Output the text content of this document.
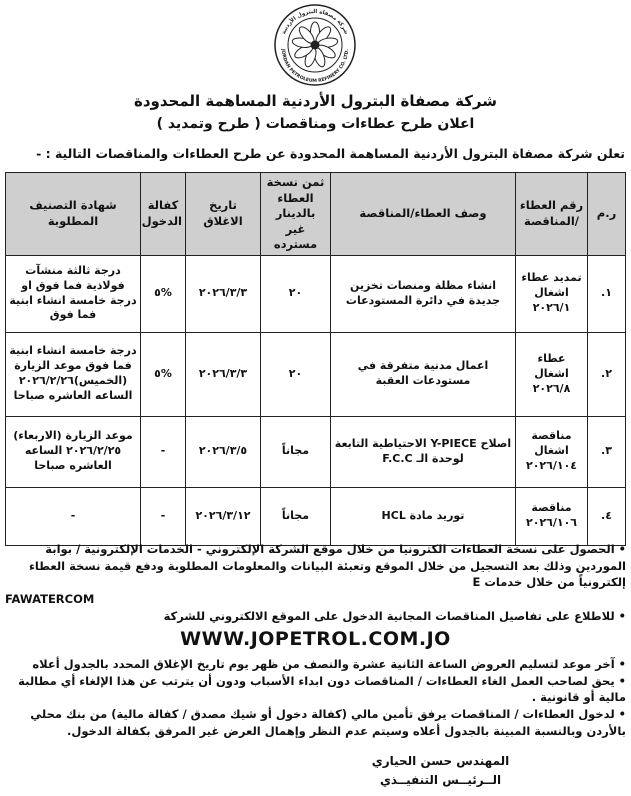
شركة مصفاة البترول الأردنية
JORDAN PETROLEUM REFINERY CO. LTD.
شركة مصفاة البترول الأردنية المساهمة المحدودة
اعلان طرح عطاءات ومناقصات ( طرح وتمديد )
تعلن شركة مصفاة البترول الأردنية المساهمة المحدودة عن طرح العطاءات والمناقصات التالية : -
ر.م	رقم العطاء /المناقصة	وصف العطاء/المناقصة	ثمن نسخة العطاء بالدينار غير مسترده	تاريخ الاغلاق	كفالة الدخول	شهادة التصنيف المطلوبة
١.	تمديد عطاء اشغال ٢٠٢٦/١	انشاء مظلة ومنصات تخزين جديدة في دائرة المستودعات	٢٠	٢٠٢٦/٣/٣	%٥	درجة ثالثة منشآت فولاذية فما فوق او درجة خامسة انشاء ابنية فما فوق
٢.	عطاء اشغال ٢٠٢٦/٨	اعمال مدنية متفرقة في مستودعات العقبة	٢٠	٢٠٢٦/٣/٣	%٥	درجة خامسة انشاء ابنية فما فوق موعد الزيارة (الخميس)٢٠٢٦/٢/٢٦ الساعه العاشره صباحا
٣.	مناقصة اشغال ٢٠٢٦/١٠٤	اصلاح Y-PIECE الاحتياطية التابعة لوحدة الـ F.C.C	مجاناً	٢٠٢٦/٣/٥	-	موعد الزيارة (الاربعاء) ٢٠٢٦/٢/٢٥ الساعه العاشره صباحا
٤.	مناقصة ٢٠٢٦/١٠٦	توريد مادة HCL	مجاناً	٢٠٢٦/٣/١٢	-	-

• الحصول على نسخة العطاءات الكترونيا من خلال موقع الشركة الإلكتروني - الخدمات الإلكترونية / بوابة الموردين وذلك بعد التسجيل من خلال الموقع وتعبئة البيانات والمعلومات المطلوبة ودفع قيمة نسخة العطاء إلكترونياً من خلال خدمات E

FAWATERCOM

• للاطلاع على تفاصيل المناقصات المجانية الدخول على الموقع الالكتروني للشركة

WWW.JOPETROL.COM.JO

• آخر موعد لتسليم العروض الساعة الثانية عشرة والنصف من ظهر يوم تاريخ الإغلاق المحدد بالجدول أعلاه

• يحق لصاحب العمل الغاء العطاءات / المناقصات دون ابداء الأسباب ودون أن يترتب عن هذا الإلغاء أي مطالبة مالية أو قانونية .

• لدخول العطاءات / المناقصات يرفق تأمين مالي (كفالة دخول أو شيك مصدق / كفالة مالية) من بنك محلي بالأردن وبالنسبة المبينة بالجدول أعلاه وسيتم عدم النظر وإهمال العرض غير المرفق بكفالة الدخول.

المهندس حسن الحياري
الــرئيــس التنفيــذي
